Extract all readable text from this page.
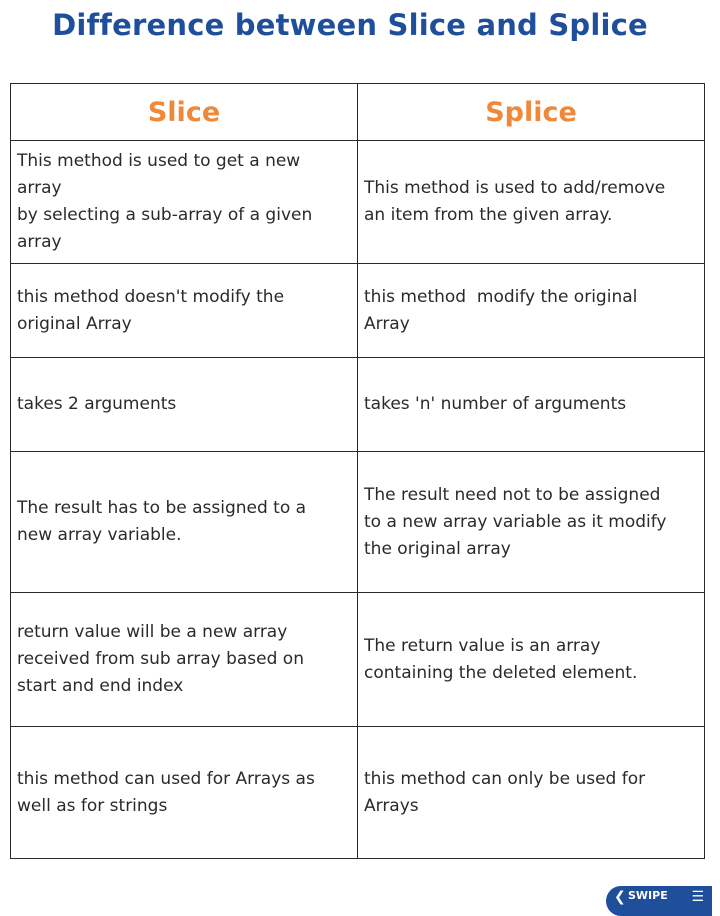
Difference between Slice and Splice
Slice	Splice
This method is used to get a new
array
by selecting a sub-array of a given
array	This method is used to add/remove
an item from the given array.
this method doesn't modify the
original Array	this method  modify the original
Array
takes 2 arguments	takes 'n' number of arguments
The result has to be assigned to a
new array variable.	The result need not to be assigned
to a new array variable as it modify
the original array
return value will be a new array
received from sub array based on
start and end index	The return value is an array
containing the deleted element.
this method can used for Arrays as
well as for strings	this method can only be used for
Arrays
❮ SWIPE ☰
